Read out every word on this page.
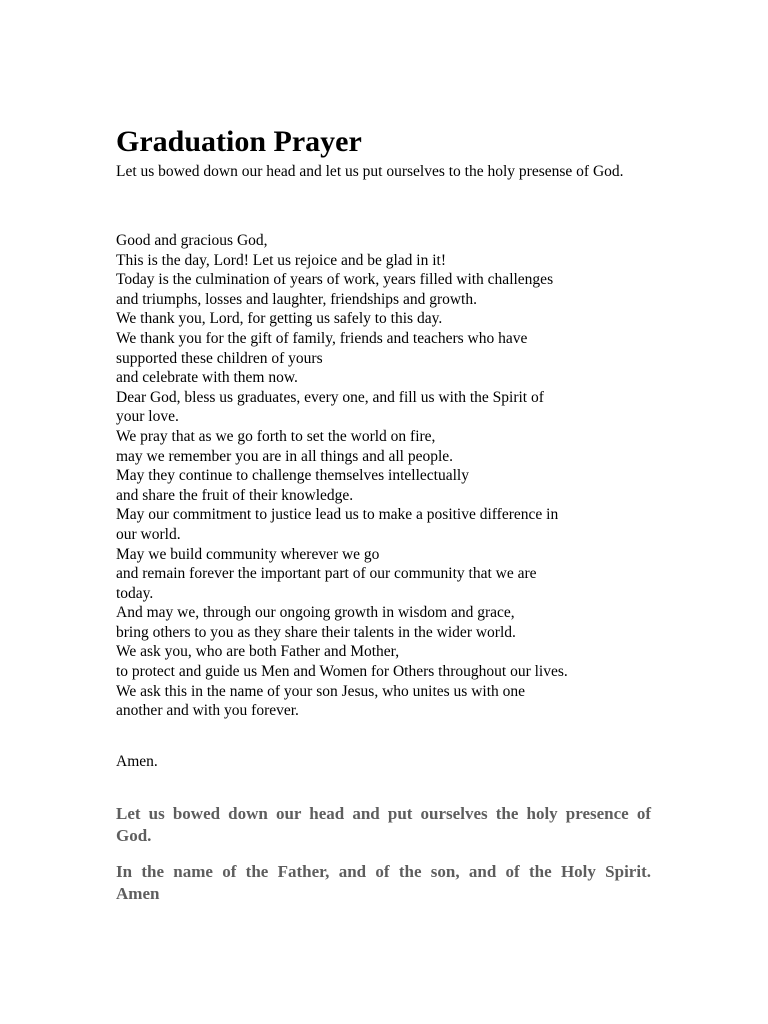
Graduation Prayer

Let us bowed down our head and let us put ourselves to the holy presense of God.

Good and gracious God,
This is the day, Lord! Let us rejoice and be glad in it!
Today is the culmination of years of work, years filled with challenges
and triumphs, losses and laughter, friendships and growth.
We thank you, Lord, for getting us safely to this day.
We thank you for the gift of family, friends and teachers who have
supported these children of yours
and celebrate with them now.
Dear God, bless us graduates, every one, and fill us with the Spirit of
your love.
We pray that as we go forth to set the world on fire,
may we remember you are in all things and all people.
May they continue to challenge themselves intellectually
and share the fruit of their knowledge.
May our commitment to justice lead us to make a positive difference in
our world.
May we build community wherever we go
and remain forever the important part of our community that we are
today.
And may we, through our ongoing growth in wisdom and grace,
bring others to you as they share their talents in the wider world.
We ask you, who are both Father and Mother,
to protect and guide us Men and Women for Others throughout our lives.
We ask this in the name of your son Jesus, who unites us with one
another and with you forever.

Amen.

Let us bowed down our head and put ourselves the holy presence of God.

In the name of the Father, and of the son, and of the Holy Spirit. Amen
